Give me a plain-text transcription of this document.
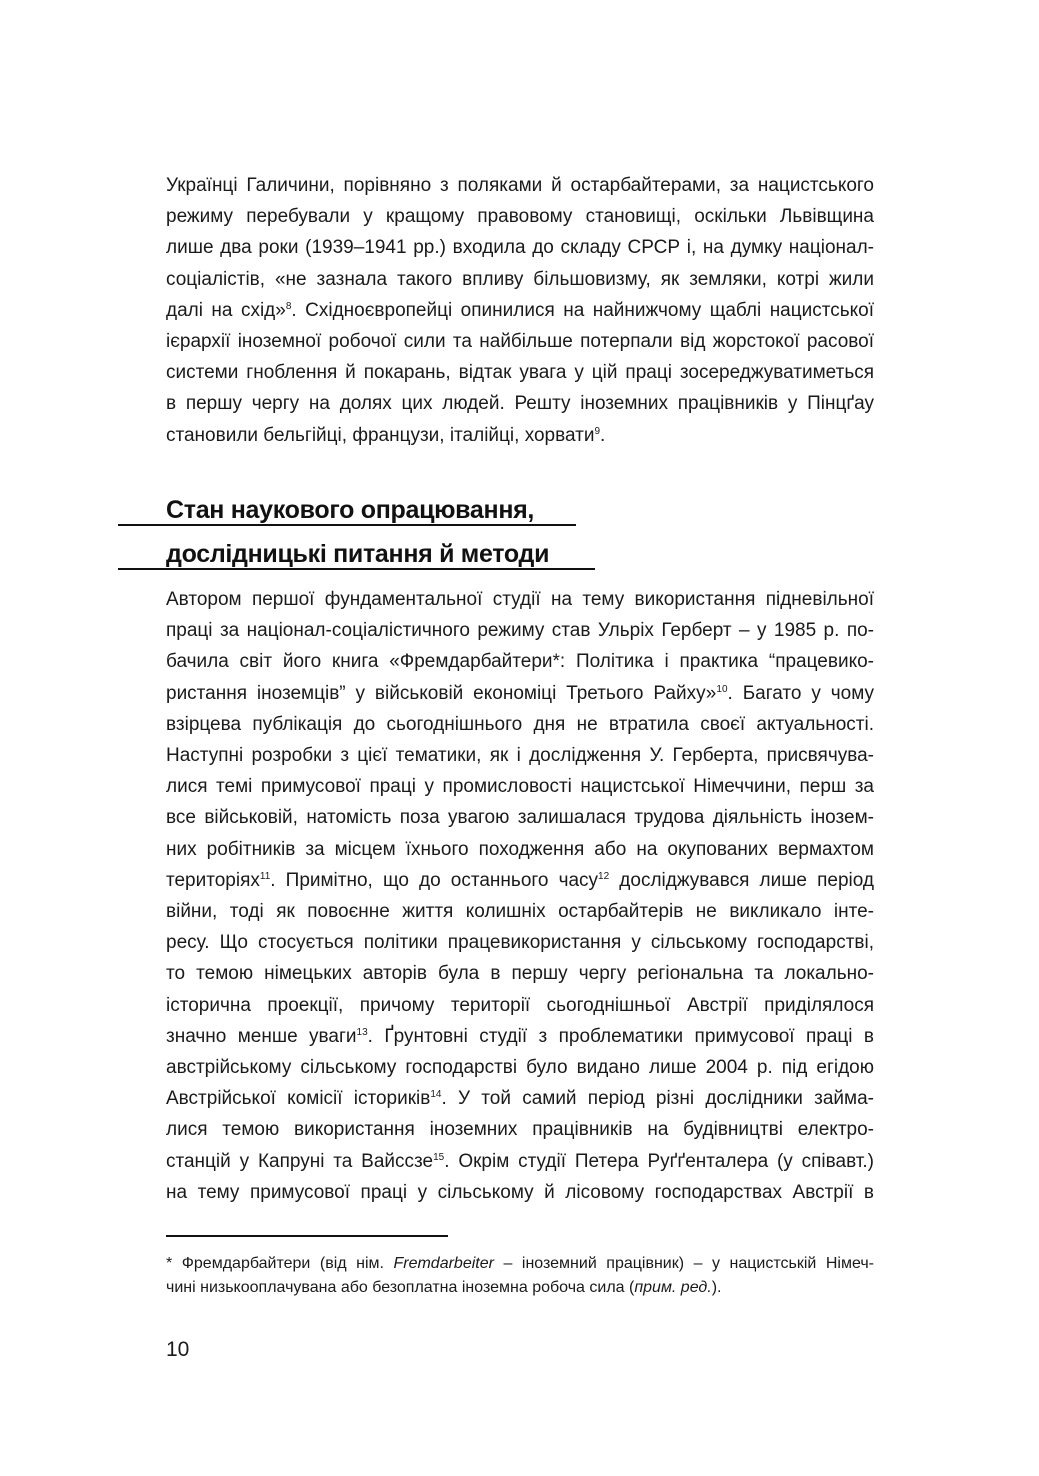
Українці Галичини, порівняно з поляками й остарбайтерами, за нацистського

режиму перебували у кращому правовому становищі, оскільки Львівщина

лише два роки (1939–1941 рр.) входила до складу СРСР і, на думку націонал-

соціалістів, «не зазнала такого впливу більшовизму, як земляки, котрі жили

далі на схід»$^8$. Східноєвропейці опинилися на найнижчому щаблі нацистської

ієрархії іноземної робочої сили та найбільше потерпали від жорстокої расової

системи гноблення й покарань, відтак увага у цій праці зосереджуватиметься

в першу чергу на долях цих людей. Решту іноземних працівників у Пінцґау

становили бельгійці, французи, італійці, хорвати$^9$.

Стан наукового опрацювання,
дослідницькі питання й методи

Автором першої фундаментальної студії на тему використання підневільної

праці за націонал-соціалістичного режиму став Ульріх Герберт – у 1985 р. по-

бачила світ його книга «Фремдарбайтери*: Політика і практика “працевико-

ристання іноземців” у військовій економіці Третього Райху»$^{10}$. Багато у чому

взірцева публікація до сьогоднішнього дня не втратила своєї актуальності.

Наступні розробки з цієї тематики, як і дослідження У. Герберта, присвячува-

лися темі примусової праці у промисловості нацистської Німеччини, перш за

все військовій, натомість поза увагою залишалася трудова діяльність інозем-

них робітників за місцем їхнього походження або на окупованих вермахтом

територіях$^{11}$. Примітно, що до останнього часу$^{12}$ досліджувався лише період

війни, тоді як повоєнне життя колишніх остарбайтерів не викликало інте-

ресу. Що стосується політики працевикористання у сільському господарстві,

то темою німецьких авторів була в першу чергу регіональна та локально-

історична проекції, причому території сьогоднішньої Австрії приділялося

значно менше уваги$^{13}$. Ґрунтовні студії з проблематики примусової праці в

австрійському сільському господарстві було видано лише 2004 р. під егідою

Австрійської комісії істориків$^{14}$. У той самий період різні дослідники займа-

лися темою використання іноземних працівників на будівництві електро-

станцій у Капруні та Вайссзе$^{15}$. Окрім студії Петера Руґґенталера (у співавт.)

на тему примусової праці у сільському й лісовому господарствах Австрії в

* Фремдарбайтери (від нім. Fremdarbeiter – іноземний працівник) – у нацистській Німеч-

чині низькооплачувана або безоплатна іноземна робоча сила (прим. ред.).

10
